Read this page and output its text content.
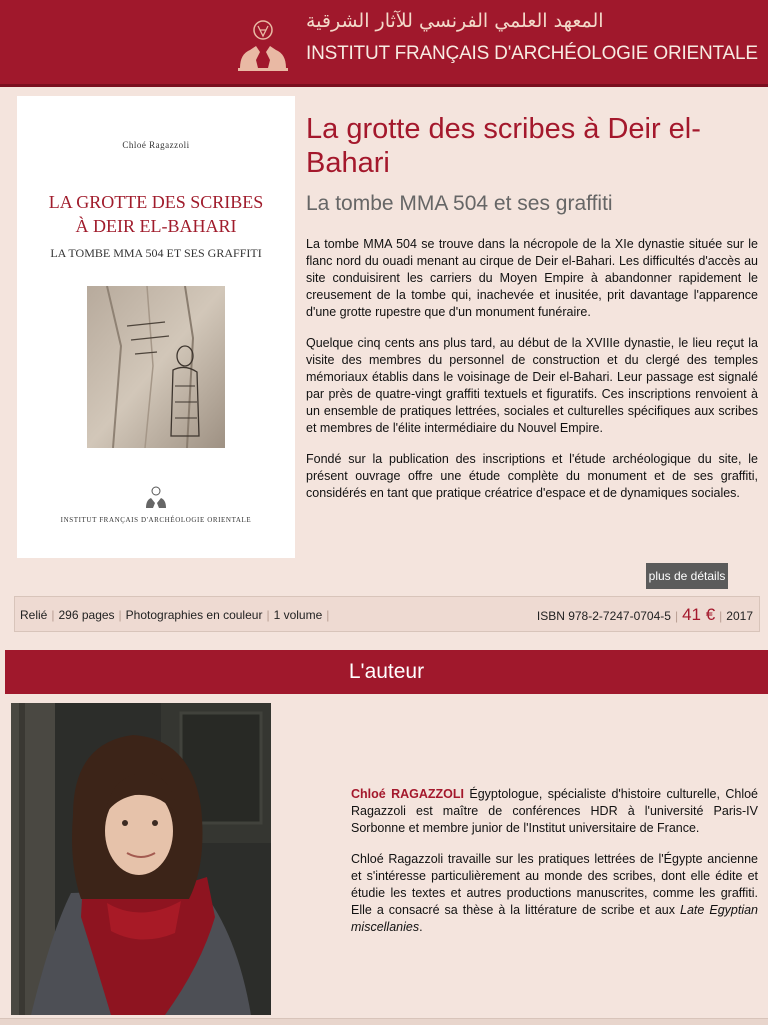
المعهد العلمي الفرنسي للآثار الشرقية
INSTITUT FRANÇAIS D'ARCHÉOLOGIE ORIENTALE
Chloé Ragazzoli
LA GROTTE DES SCRIBES
À DEIR EL-BAHARI
LA TOMBE MMA 504 ET SES GRAFFITI
INSTITUT FRANÇAIS D'ARCHÉOLOGIE ORIENTALE
La grotte des scribes à Deir el-Bahari
La tombe MMA 504 et ses graffiti

La tombe MMA 504 se trouve dans la nécropole de la XIe dynastie située sur le flanc nord du ouadi menant au cirque de Deir el-Bahari. Les difficultés d'accès au site conduisirent les carriers du Moyen Empire à abandonner rapidement le creusement de la tombe qui, inachevée et inusitée, prit davantage l'apparence d'une grotte rupestre que d'un monument funéraire.

Quelque cinq cents ans plus tard, au début de la XVIIIe dynastie, le lieu reçut la visite des membres du personnel de construction et du clergé des temples mémoriaux établis dans le voisinage de Deir el-Bahari. Leur passage est signalé par près de quatre-vingt graffiti textuels et figuratifs. Ces inscriptions renvoient à un ensemble de pratiques lettrées, sociales et culturelles spécifiques aux scribes et membres de l'élite intermédiaire du Nouvel Empire.

Fondé sur la publication des inscriptions et l'étude archéologique du site, le présent ouvrage offre une étude complète du monument et de ses graffiti, considérés en tant que pratique créatrice d'espace et de dynamiques sociales.

plus de détails
Relié | 296 pages | Photographies en couleur | 1 volume |	ISBN 978-2-7247-0704-5 | 41 € | 2017
L'auteur

Chloé RAGAZZOLI Égyptologue, spécialiste d'histoire culturelle, Chloé Ragazzoli est maître de conférences HDR à l'université Paris-IV Sorbonne et membre junior de l'Institut universitaire de France.

Chloé Ragazzoli travaille sur les pratiques lettrées de l'Égypte ancienne et s'intéresse particulièrement au monde des scribes, dont elle édite et étudie les textes et autres productions manuscrites, comme les graffiti. Elle a consacré sa thèse à la littérature de scribe et aux Late Egyptian miscellanies.
